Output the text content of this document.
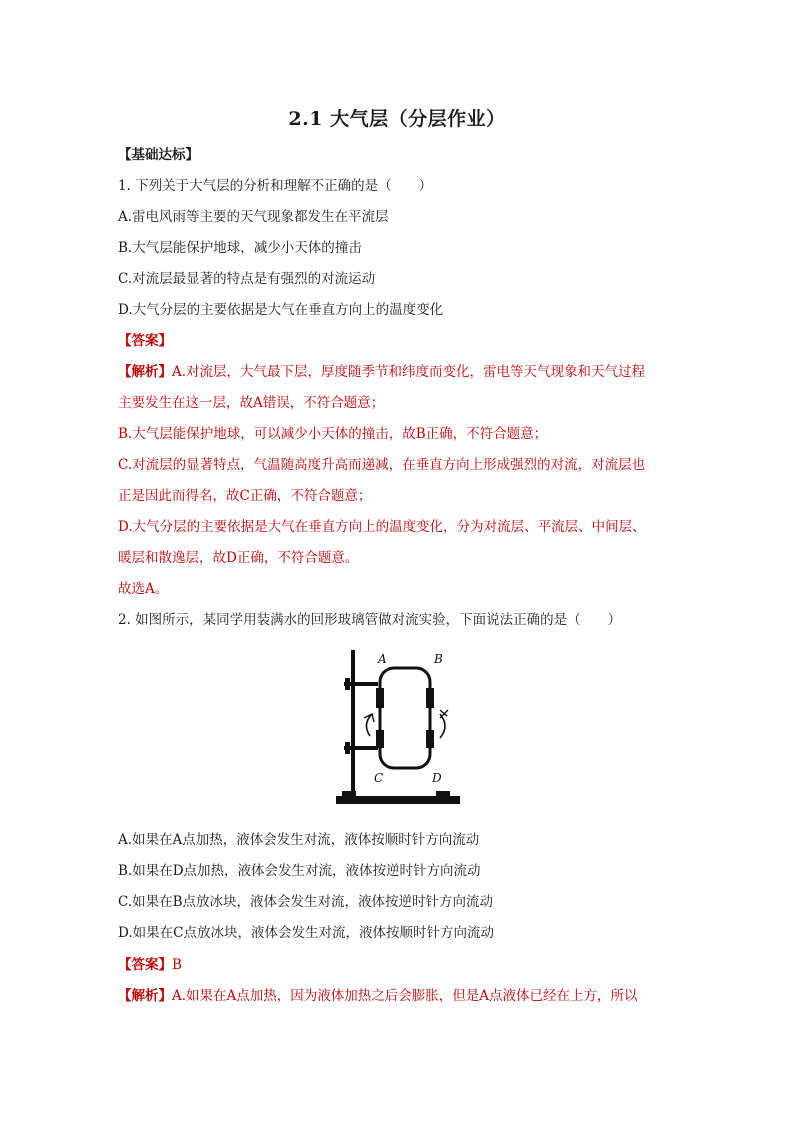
2.1 大气层（分层作业）
【基础达标】
1. 下列关于大气层的分析和理解不正确的是（　　）
A.雷电风雨等主要的天气现象都发生在平流层
B.大气层能保护地球，减少小天体的撞击
C.对流层最显著的特点是有强烈的对流运动
D.大气分层的主要依据是大气在垂直方向上的温度变化
【答案】
【解析】A.对流层，大气最下层，厚度随季节和纬度而变化，雷电等天气现象和天气过程
主要发生在这一层，故A错误，不符合题意；
B.大气层能保护地球，可以减少小天体的撞击，故B正确，不符合题意；
C.对流层的显著特点，气温随高度升高而递减，在垂直方向上形成强烈的对流，对流层也
正是因此而得名，故C正确，不符合题意；
D.大气分层的主要依据是大气在垂直方向上的温度变化，分为对流层、平流层、中间层、
暖层和散逸层，故D正确，不符合题意。
故选A。
2. 如图所示，某同学用装满水的回形玻璃管做对流实验，下面说法正确的是（　　）
A	B
C	D
A.如果在A点加热，液体会发生对流，液体按顺时针方向流动
B.如果在D点加热，液体会发生对流，液体按逆时针方向流动
C.如果在B点放冰块，液体会发生对流，液体按逆时针方向流动
D.如果在C点放冰块，液体会发生对流，液体按顺时针方向流动
【答案】B
【解析】A.如果在A点加热，因为液体加热之后会膨胀，但是A点液体已经在上方，所以
